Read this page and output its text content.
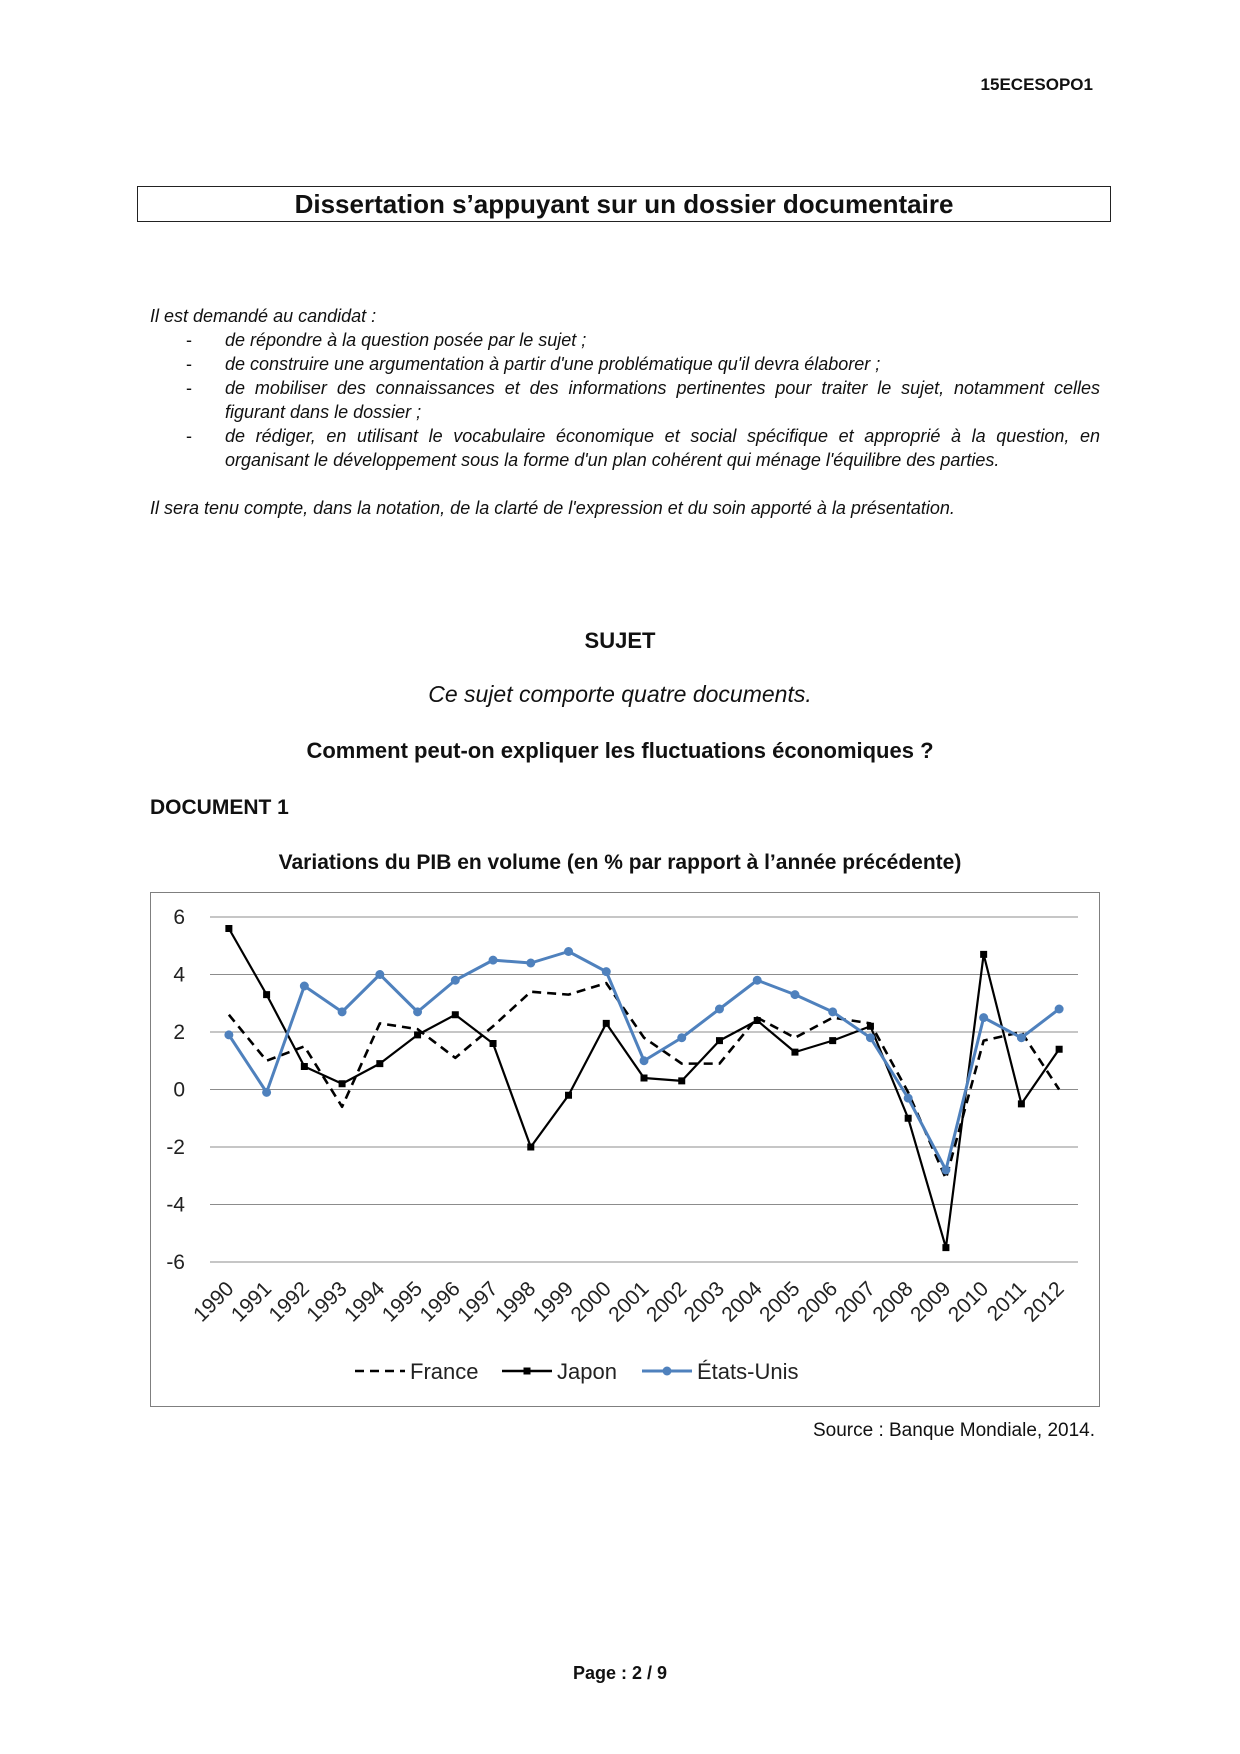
15ECESOPO1
Dissertation s’appuyant sur un dossier documentaire
Il est demandé au candidat :
-	de répondre à la question posée par le sujet ;
-	de construire une argumentation à partir d'une problématique qu'il devra élaborer ;
-	de mobiliser des connaissances et des informations pertinentes pour traiter le sujet, notamment celles figurant dans le dossier ;
-	de rédiger, en utilisant le vocabulaire économique et social spécifique et approprié à la question, en organisant le développement sous la forme d'un plan cohérent qui ménage l'équilibre des parties.
Il sera tenu compte, dans la notation, de la clarté de l'expression et du soin apporté à la présentation.
SUJET
Ce sujet comporte quatre documents.
Comment peut-on expliquer les fluctuations économiques ?
DOCUMENT 1
Variations du PIB en volume (en % par rapport à l’année précédente)
6
4
2
0
-2
-4
-6
1990
1991
1992
1993
1994
1995
1996
1997
1998
1999
2000
2001
2002
2003
2004
2005
2006
2007
2008
2009
2010
2011
2012
France	Japon	États-Unis
Source : Banque Mondiale, 2014.
Page : 2 / 9
